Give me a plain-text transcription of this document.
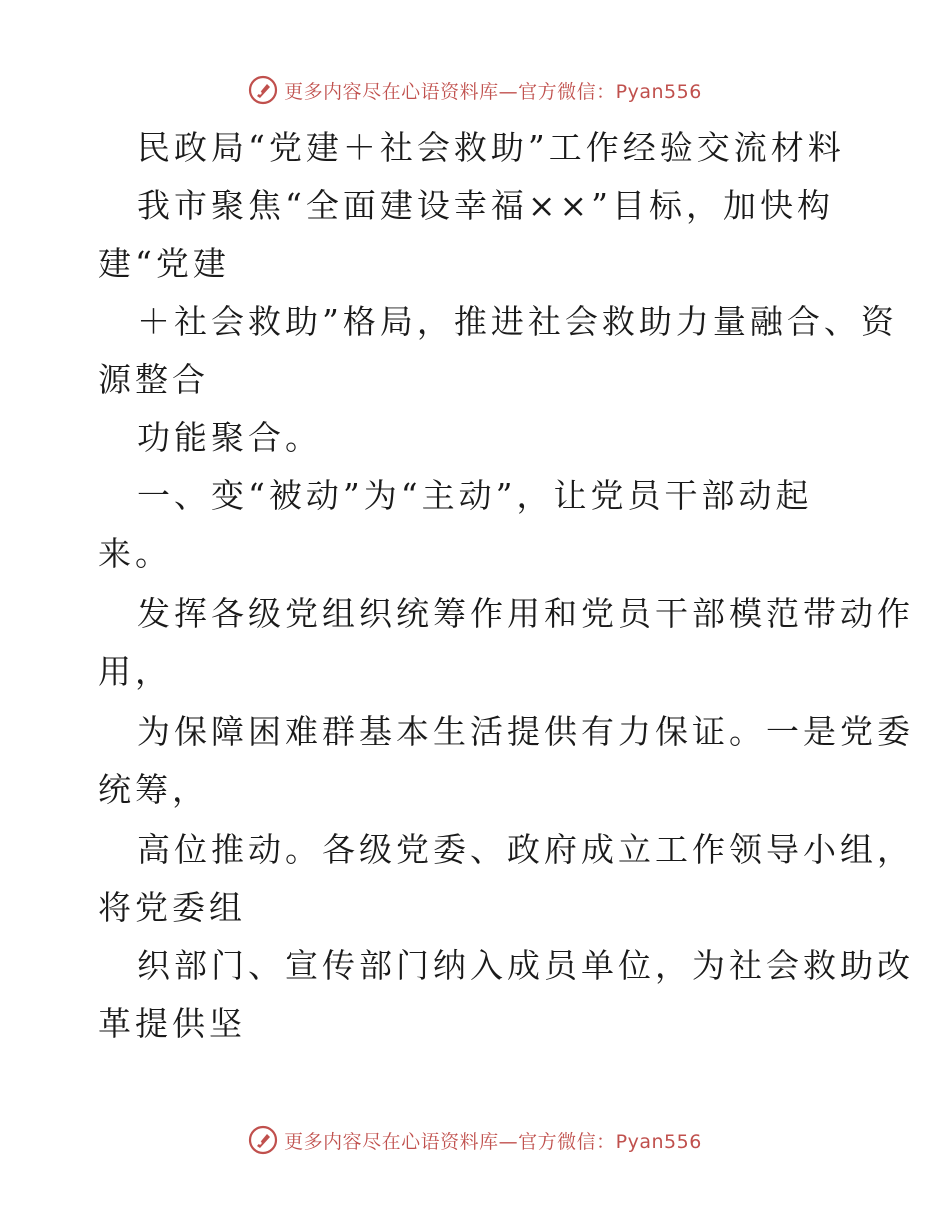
更多内容尽在心语资料库—官方微信：Pyan556
民政局“党建＋社会救助”工作经验交流材料
我市聚焦“全面建设幸福××”目标，加快构
建“党建
＋社会救助”格局，推进社会救助力量融合、资
源整合
功能聚合。
一、变“被动”为“主动”，让党员干部动起
来。
发挥各级党组织统筹作用和党员干部模范带动作
用，
为保障困难群基本生活提供有力保证。一是党委
统筹，
高位推动。各级党委、政府成立工作领导小组，
将党委组
织部门、宣传部门纳入成员单位，为社会救助改
革提供坚
更多内容尽在心语资料库—官方微信：Pyan556
